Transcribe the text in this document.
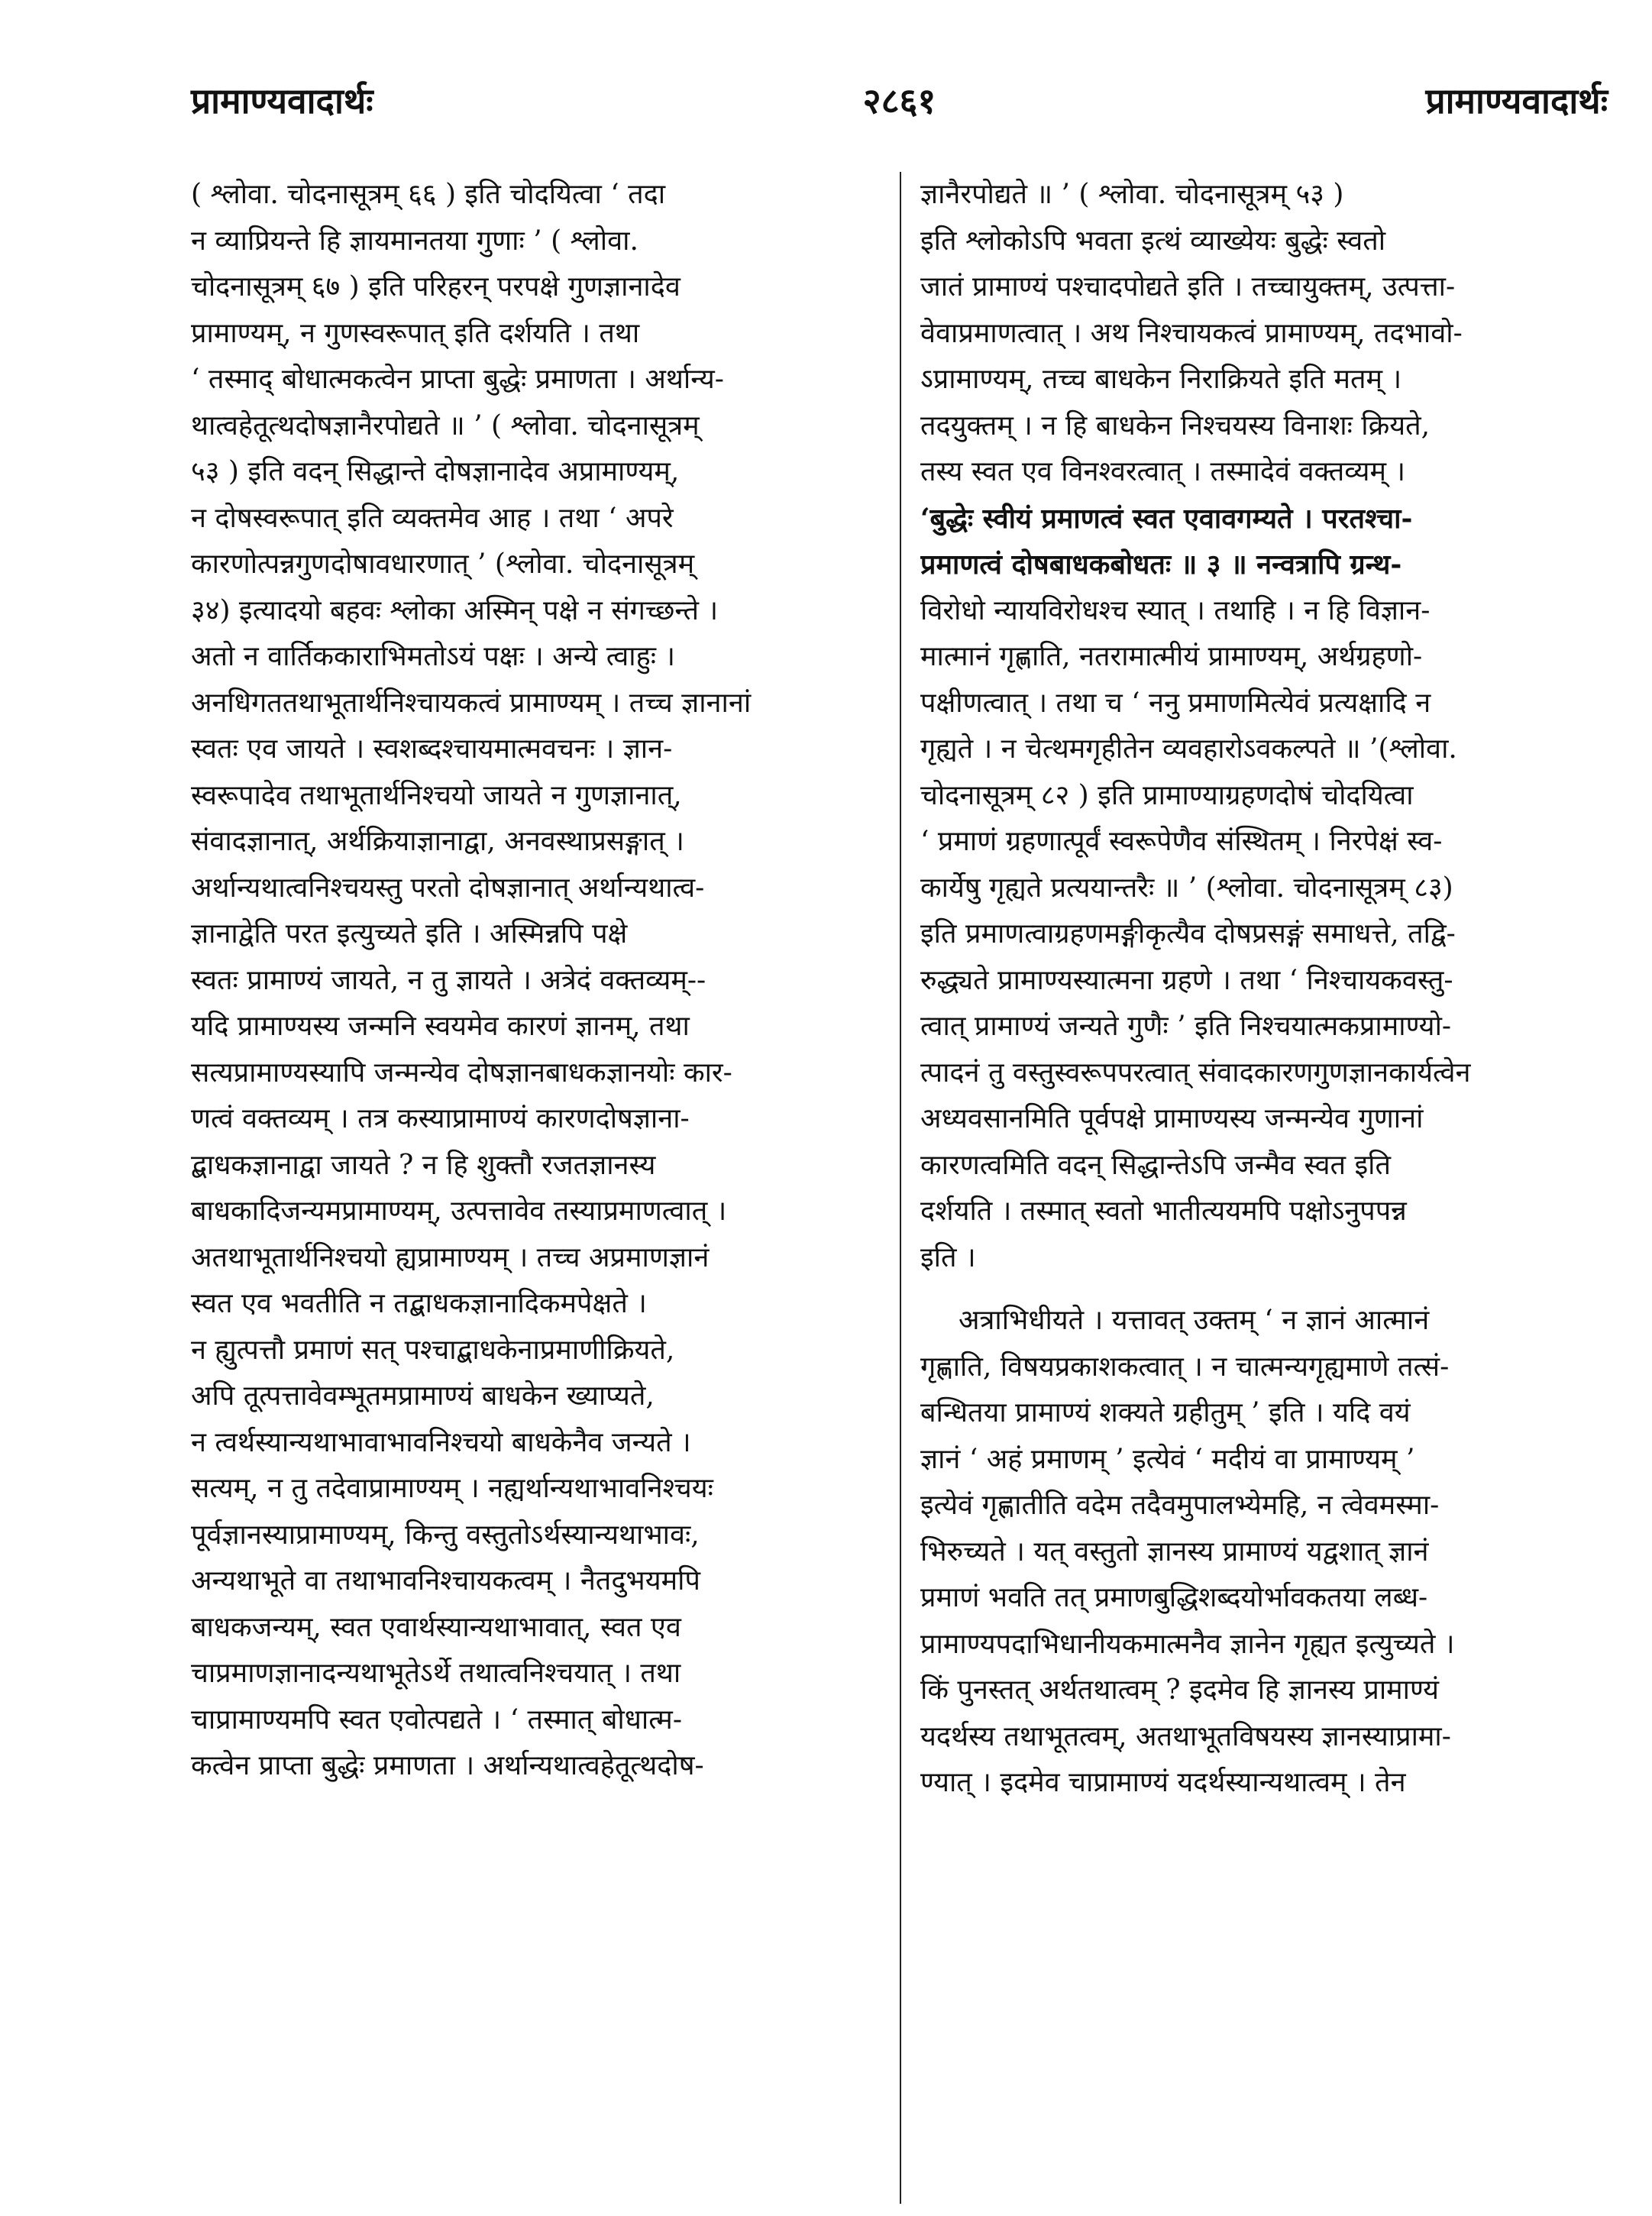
प्रामाण्यवादार्थः	२८६१	प्रामाण्यवादार्थः
( श्लोवा. चोदनासूत्रम् ६६ ) इति चोदयित्वा ‘ तदा
न व्याप्रियन्ते हि ज्ञायमानतया गुणाः ’ ( श्लोवा.
चोदनासूत्रम् ६७ ) इति परिहरन् परपक्षे गुणज्ञानादेव
प्रामाण्यम्, न गुणस्वरूपात् इति दर्शयति । तथा
‘ तस्माद् बोधात्मकत्वेन प्राप्ता बुद्धेः प्रमाणता । अर्थान्य-
थात्वहेतूत्थदोषज्ञानैरपोद्यते ॥ ’ ( श्लोवा. चोदनासूत्रम्
५३ ) इति वदन् सिद्धान्ते दोषज्ञानादेव अप्रामाण्यम्,
न दोषस्वरूपात् इति व्यक्तमेव आह । तथा ‘ अपरे
कारणोत्पन्नगुणदोषावधारणात् ’ (श्लोवा. चोदनासूत्रम्
३४) इत्यादयो बहवः श्लोका अस्मिन् पक्षे न संगच्छन्ते ।
अतो न वार्तिककाराभिमतोऽयं पक्षः । अन्ये त्वाहुः ।
अनधिगततथाभूतार्थनिश्चायकत्वं प्रामाण्यम् । तच्च ज्ञानानां
स्वतः एव जायते । स्वशब्दश्चायमात्मवचनः । ज्ञान-
स्वरूपादेव तथाभूतार्थनिश्चयो जायते न गुणज्ञानात्,
संवादज्ञानात्, अर्थक्रियाज्ञानाद्वा, अनवस्थाप्रसङ्गात् ।
अर्थान्यथात्वनिश्चयस्तु परतो दोषज्ञानात् अर्थान्यथात्व-
ज्ञानाद्वेति परत इत्युच्यते इति । अस्मिन्नपि पक्षे
स्वतः प्रामाण्यं जायते, न तु ज्ञायते । अत्रेदं वक्तव्यम्--
यदि प्रामाण्यस्य जन्मनि स्वयमेव कारणं ज्ञानम्, तथा
सत्यप्रामाण्यस्यापि जन्मन्येव दोषज्ञानबाधकज्ञानयोः कार-
णत्वं वक्तव्यम् । तत्र कस्याप्रामाण्यं कारणदोषज्ञाना-
द्बाधकज्ञानाद्वा जायते ? न हि शुक्तौ रजतज्ञानस्य
बाधकादिजन्यमप्रामाण्यम्, उत्पत्तावेव तस्याप्रमाणत्वात् ।
अतथाभूतार्थनिश्चयो ह्यप्रामाण्यम् । तच्च अप्रमाणज्ञानं
स्वत एव भवतीति न तद्बाधकज्ञानादिकमपेक्षते ।
न ह्युत्पत्तौ प्रमाणं सत् पश्चाद्बाधकेनाप्रमाणीक्रियते,
अपि तूत्पत्तावेवम्भूतमप्रामाण्यं बाधकेन ख्याप्यते,
न त्वर्थस्यान्यथाभावाभावनिश्चयो बाधकेनैव जन्यते ।
सत्यम्, न तु तदेवाप्रामाण्यम् । नह्यर्थान्यथाभावनिश्चयः
पूर्वज्ञानस्याप्रामाण्यम्, किन्तु वस्तुतोऽर्थस्यान्यथाभावः,
अन्यथाभूते वा तथाभावनिश्चायकत्वम् । नैतदुभयमपि
बाधकजन्यम्, स्वत एवार्थस्यान्यथाभावात्, स्वत एव
चाप्रमाणज्ञानादन्यथाभूतेऽर्थे तथात्वनिश्चयात् । तथा
चाप्रामाण्यमपि स्वत एवोत्पद्यते । ‘ तस्मात् बोधात्म-
कत्वेन प्राप्ता बुद्धेः प्रमाणता । अर्थान्यथात्वहेतूत्थदोष-
ज्ञानैरपोद्यते ॥ ’ ( श्लोवा. चोदनासूत्रम् ५३ )
इति श्लोकोऽपि भवता इत्थं व्याख्येयः बुद्धेः स्वतो
जातं प्रामाण्यं पश्चादपोद्यते इति । तच्चायुक्तम्, उत्पत्ता-
वेवाप्रमाणत्वात् । अथ निश्चायकत्वं प्रामाण्यम्, तदभावो-
ऽप्रामाण्यम्, तच्च बाधकेन निराक्रियते इति मतम् ।
तदयुक्तम् । न हि बाधकेन निश्चयस्य विनाशः क्रियते,
तस्य स्वत एव विनश्वरत्वात् । तस्मादेवं वक्तव्यम् ।
‘बुद्धेः स्वीयं प्रमाणत्वं स्वत एवावगम्यते । परतश्चा-
प्रमाणत्वं दोषबाधकबोधतः ॥ ३ ॥ नन्वत्रापि ग्रन्थ-
विरोधो न्यायविरोधश्च स्यात् । तथाहि । न हि विज्ञान-
मात्मानं गृह्णाति, नतरामात्मीयं प्रामाण्यम्, अर्थग्रहणो-
पक्षीणत्वात् । तथा च ‘ ननु प्रमाणमित्येवं प्रत्यक्षादि न
गृह्यते । न चेत्थमगृहीतेन व्यवहारोऽवकल्पते ॥ ’(श्लोवा.
चोदनासूत्रम् ८२ ) इति प्रामाण्याग्रहणदोषं चोदयित्वा
‘ प्रमाणं ग्रहणात्पूर्वं स्वरूपेणैव संस्थितम् । निरपेक्षं स्व-
कार्येषु गृह्यते प्रत्ययान्तरैः ॥ ’ (श्लोवा. चोदनासूत्रम् ८३)
इति प्रमाणत्वाग्रहणमङ्गीकृत्यैव दोषप्रसङ्गं समाधत्ते, तद्वि-
रुद्ध्यते प्रामाण्यस्यात्मना ग्रहणे । तथा ‘ निश्चायकवस्तु-
त्वात् प्रामाण्यं जन्यते गुणैः ’ इति निश्चयात्मकप्रामाण्यो-
त्पादनं तु वस्तुस्वरूपपरत्वात् संवादकारणगुणज्ञानकार्यत्वेन
अध्यवसानमिति पूर्वपक्षे प्रामाण्यस्य जन्मन्येव गुणानां
कारणत्वमिति वदन् सिद्धान्तेऽपि जन्मैव स्वत इति
दर्शयति । तस्मात् स्वतो भातीत्ययमपि पक्षोऽनुपपन्न
इति ।
अत्राभिधीयते । यत्तावत् उक्तम् ‘ न ज्ञानं आत्मानं
गृह्णाति, विषयप्रकाशकत्वात् । न चात्मन्यगृह्यमाणे तत्सं-
बन्धितया प्रामाण्यं शक्यते ग्रहीतुम् ’ इति । यदि वयं
ज्ञानं ‘ अहं प्रमाणम् ’ इत्येवं ‘ मदीयं वा प्रामाण्यम् ’
इत्येवं गृह्णातीति वदेम तदैवमुपालभ्येमहि, न त्वेवमस्मा-
भिरुच्यते । यत् वस्तुतो ज्ञानस्य प्रामाण्यं यद्वशात् ज्ञानं
प्रमाणं भवति तत् प्रमाणबुद्धिशब्दयोर्भावकतया लब्ध-
प्रामाण्यपदाभिधानीयकमात्मनैव ज्ञानेन गृह्यत इत्युच्यते ।
किं पुनस्तत् अर्थतथात्वम् ? इदमेव हि ज्ञानस्य प्रामाण्यं
यदर्थस्य तथाभूतत्वम्, अतथाभूतविषयस्य ज्ञानस्याप्रामा-
ण्यात् । इदमेव चाप्रामाण्यं यदर्थस्यान्यथात्वम् । तेन
